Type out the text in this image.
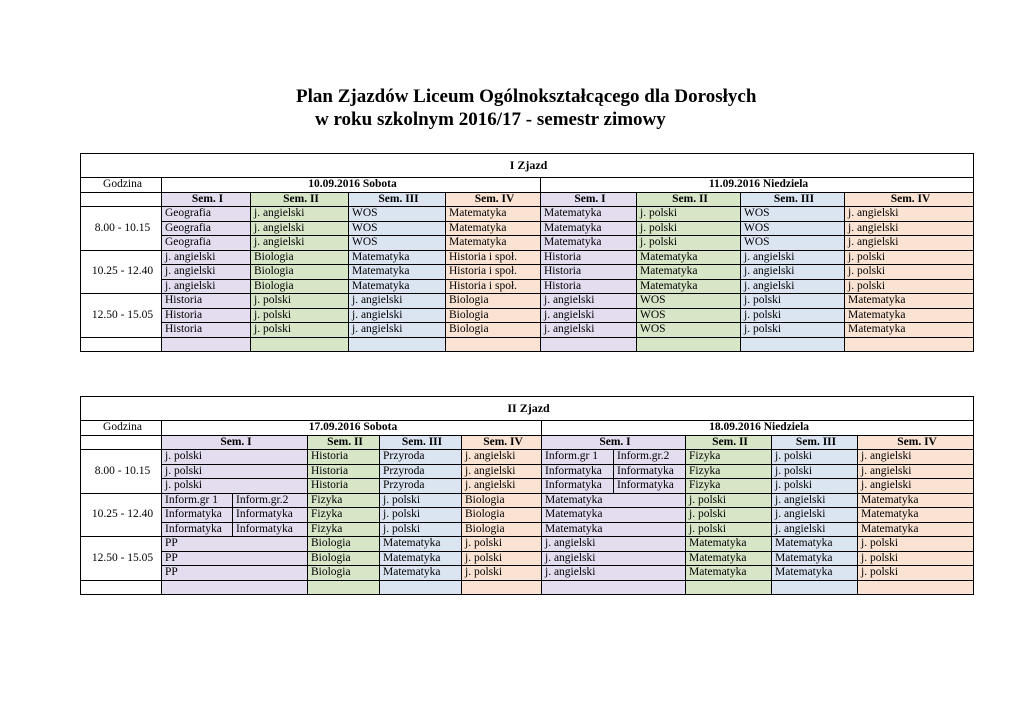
Plan Zjazdów Liceum Ogólnokształcącego dla Dorosłych
w roku szkolnym 2016/17 - semestr zimowy
I Zjazd								
Godzina	10.09.2016 Sobota				11.09.2016 Niedziela			
	Sem. I	Sem. II	Sem. III	Sem. IV	Sem. I	Sem. II	Sem. III	Sem. IV
8.00 - 10.15	Geografia	j. angielski	WOS	Matematyka	Matematyka	j. polski	WOS	j. angielski
	Geografia	j. angielski	WOS	Matematyka	Matematyka	j. polski	WOS	j. angielski
	Geografia	j. angielski	WOS	Matematyka	Matematyka	j. polski	WOS	j. angielski
10.25 - 12.40	j. angielski	Biologia	Matematyka	Historia i społ.	Historia	Matematyka	j. angielski	j. polski
	j. angielski	Biologia	Matematyka	Historia i społ.	Historia	Matematyka	j. angielski	j. polski
	j. angielski	Biologia	Matematyka	Historia i społ.	Historia	Matematyka	j. angielski	j. polski
12.50 - 15.05	Historia	j. polski	j. angielski	Biologia	j. angielski	WOS	j. polski	Matematyka
	Historia	j. polski	j. angielski	Biologia	j. angielski	WOS	j. polski	Matematyka
	Historia	j. polski	j. angielski	Biologia	j. angielski	WOS	j. polski	Matematyka

II Zjazd										
Godzina	17.09.2016 Sobota					18.09.2016 Niedziela				
	Sem. I		Sem. II	Sem. III	Sem. IV	Sem. I		Sem. II	Sem. III	Sem. IV
8.00 - 10.15	j. polski		Historia	Przyroda	j. angielski	Inform.gr 1	Inform.gr.2	Fizyka	j. polski	j. angielski
	j. polski		Historia	Przyroda	j. angielski	Informatyka	Informatyka	Fizyka	j. polski	j. angielski
	j. polski		Historia	Przyroda	j. angielski	Informatyka	Informatyka	Fizyka	j. polski	j. angielski
10.25 - 12.40	Inform.gr 1	Inform.gr.2	Fizyka	j. polski	Biologia	Matematyka		j. polski	j. angielski	Matematyka
	Informatyka	Informatyka	Fizyka	j. polski	Biologia	Matematyka		j. polski	j. angielski	Matematyka
	Informatyka	Informatyka	Fizyka	j. polski	Biologia	Matematyka		j. polski	j. angielski	Matematyka
12.50 - 15.05	PP		Biologia	Matematyka	j. polski	j. angielski		Matematyka	Matematyka	j. polski
	PP		Biologia	Matematyka	j. polski	j. angielski		Matematyka	Matematyka	j. polski
	PP		Biologia	Matematyka	j. polski	j. angielski		Matematyka	Matematyka	j. polski
